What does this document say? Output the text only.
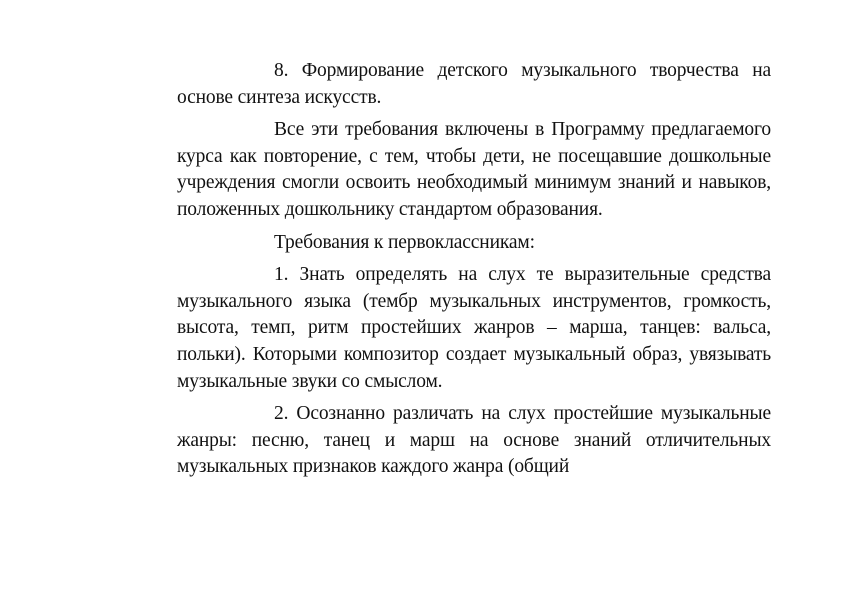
8. Формирование детского музыкального творчества на основе синтеза искусств.

Все эти требования включены в Программу предлагаемого курса как повторение, с тем, чтобы дети, не посещавшие дошкольные учреждения смогли освоить необходимый минимум знаний и навыков, положенных дошкольнику стандартом образования.

Требования к первоклассникам:

1. Знать определять на слух те выразительные средства музыкального языка (тембр музыкальных инструментов, громкость, высота, темп, ритм простейших жанров – марша, танцев: вальса, польки). Которыми композитор создает музыкальный образ, увязывать музыкальные звуки со смыслом.

2. Осознанно различать на слух простейшие музыкальные жанры: песню, танец и марш на основе знаний отличительных музыкальных признаков каждого жанра (общий
